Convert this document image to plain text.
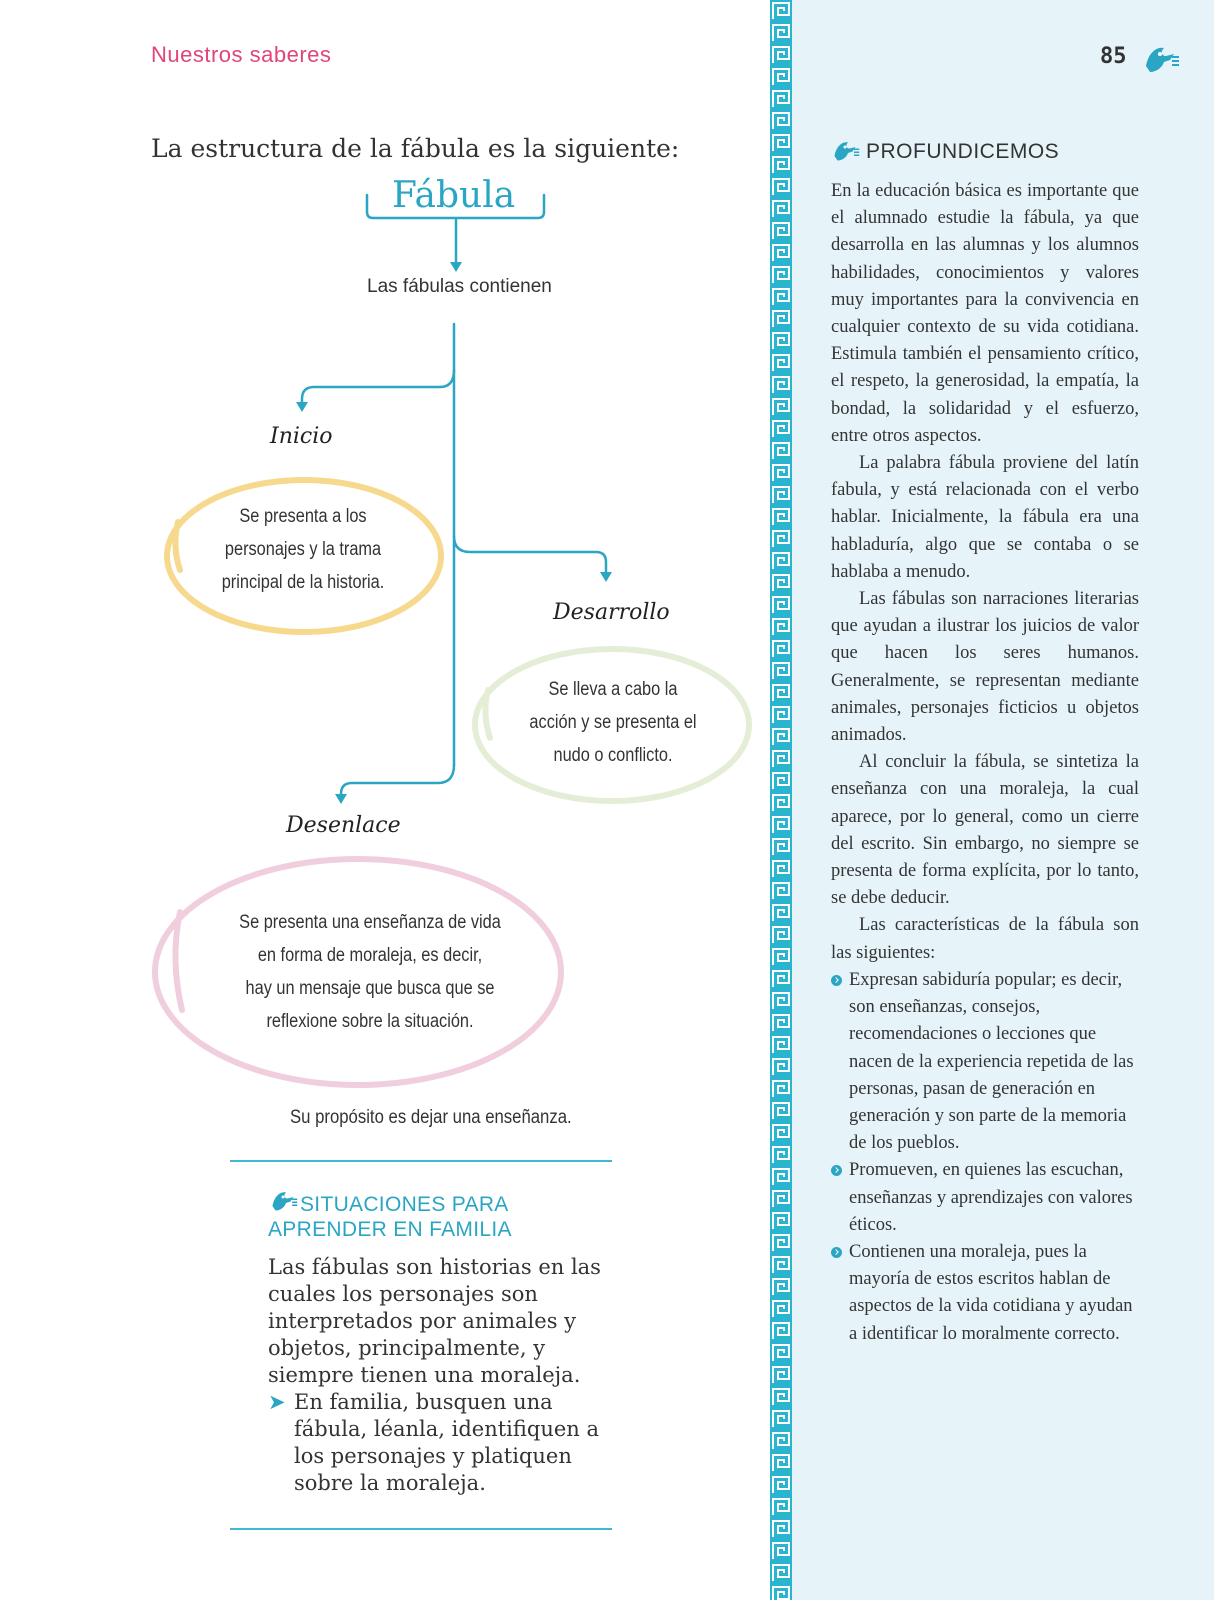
Nuestros saberes	85
La estructura de la fábula es la siguiente:
Fábula
Las fábulas contienen
Inicio
Desarrollo
Desenlace
Se presenta a los
personajes y la trama
principal de la historia.
Se lleva a cabo la
acción y se presenta el
nudo o conflicto.
Se presenta una enseñanza de vida
en forma de moraleja, es decir,
hay un mensaje que busca que se
reflexione sobre la situación.
Su propósito es dejar una enseñanza.
SITUACIONES PARA
APRENDER EN FAMILIA
Las fábulas son historias en las cuales los personajes son interpretados por animales y objetos, principalmente, y siempre tienen una moraleja.
➤ En familia, busquen una fábula, léanla, identifiquen a los personajes y platiquen sobre la moraleja.
PROFUNDICEMOS

En la educación básica es importante que el alumnado estudie la fábula, ya que desarrolla en las alumnas y los alumnos habilidades, conocimientos y valores muy importantes para la convivencia en cualquier contexto de su vida cotidiana. Estimula también el pensamiento crítico, el respeto, la generosidad, la empatía, la bondad, la solidaridad y el esfuerzo, entre otros aspectos.

La palabra fábula proviene del latín fabula, y está relacionada con el verbo hablar. Inicialmente, la fábula era una habladuría, algo que se contaba o se hablaba a menudo.

Las fábulas son narraciones literarias que ayudan a ilustrar los juicios de valor que hacen los seres humanos. Generalmente, se representan mediante animales, personajes ficticios u objetos animados.

Al concluir la fábula, se sintetiza la enseñanza con una moraleja, la cual aparece, por lo general, como un cierre del escrito. Sin embargo, no siempre se presenta de forma explícita, por lo tanto, se debe deducir.

Las características de la fábula son las siguientes:

Expresan sabiduría popular; es decir, son enseñanzas, consejos, recomendaciones o lecciones que nacen de la experiencia repetida de las personas, pasan de generación en generación y son parte de la memoria de los pueblos.
Promueven, en quienes las escuchan, enseñanzas y aprendizajes con valores éticos.
Contienen una moraleja, pues la mayoría de estos escritos hablan de aspectos de la vida cotidiana y ayudan a identificar lo moralmente correcto.
